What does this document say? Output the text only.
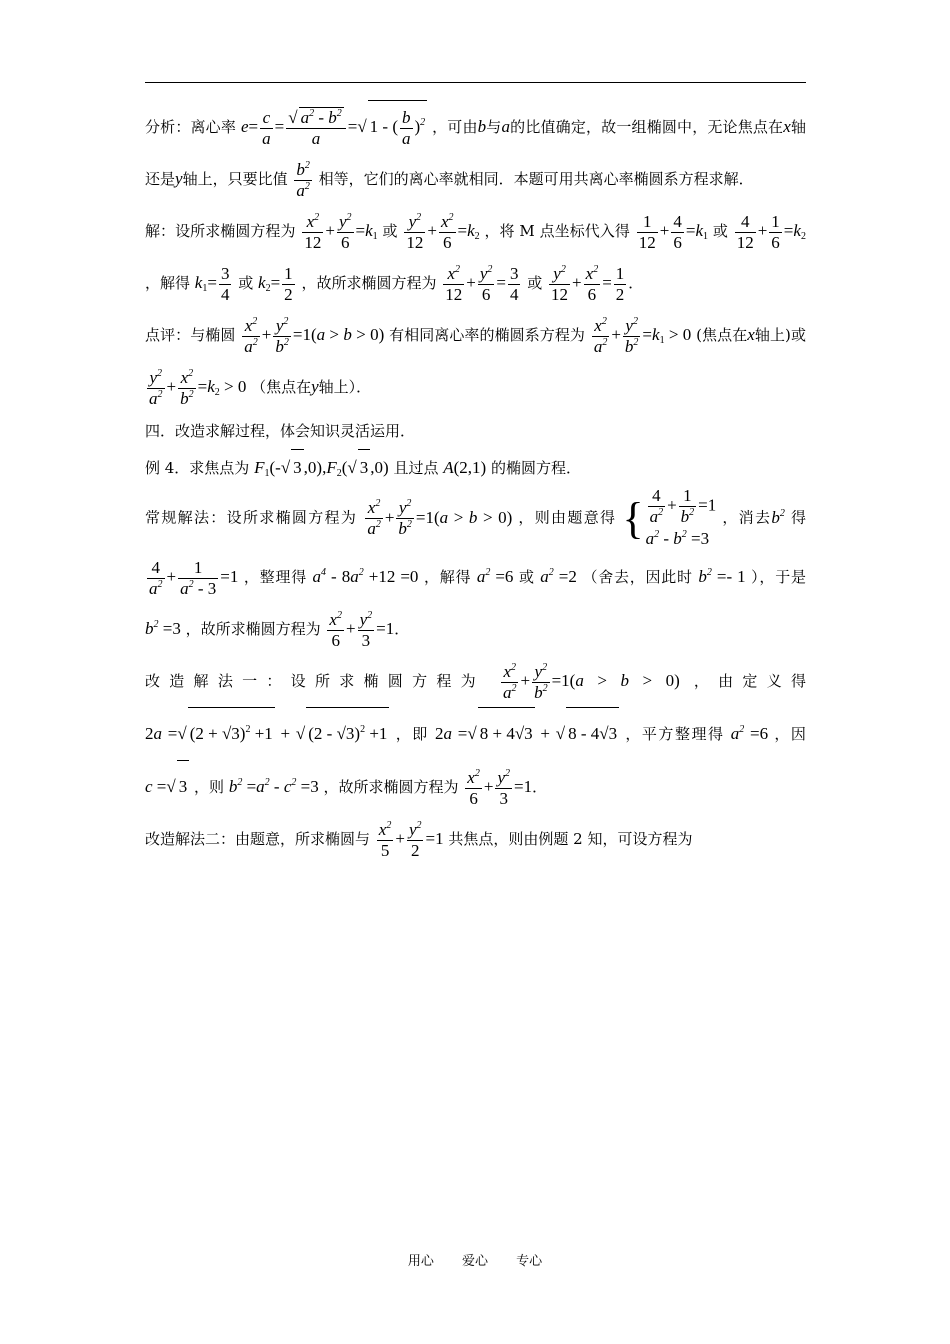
分析：离心率 $e= \frac{c}{a} = \frac{√ a^2 - b^2}{a}$ =√ 1 - ( $\frac{b}{a} )^2$ ，可由b与a的比值确定，故一组椭圆中，无论焦点在x轴还是y轴上，只要比值 $\frac{b^2}{a^2}$ 相等，它们的离心率就相同．本题可用共离心率椭圆系方程求解．

解：设所求椭圆方程为 $\frac{x^2}{12} + \frac{y^2}{6} =k_1$ 或 $\frac{y^2}{12} + \frac{x^2}{6} =k_2$ ，将 M 点坐标代入得 $\frac{1}{12} + \frac{4}{6} =k_1$ 或 $\frac{4}{12} + \frac{1}{6} =k_2$ ，解得 $k_1= \frac{3}{4}$ 或 $k_2= \frac{1}{2}$ ，故所求椭圆方程为 $\frac{x^2}{12} + \frac{y^2}{6} = \frac{3}{4}$ 或 $\frac{y^2}{12} + \frac{x^2}{6} = \frac{1}{2}$ ．

点评：与椭圆 $\frac{x^2}{a^2} + \frac{y^2}{b^2} =1(a > b > 0)$ 有相同离心率的椭圆系方程为 $\frac{x^2}{a^2} + \frac{y^2}{b^2} =k_1 > 0$ (焦点在x轴上)或
$\frac{y^2}{a^2} + \frac{x^2}{b^2} =k_2 > 0$ （焦点在y轴上）．

四．改造求解过程，体会知识灵活运用．

例 4．求焦点为 $F_1(-√$ 3 $,0),F_2(√$ 3 ,0) 且过点 A(2,1) 的椭圆方程．

常规解法：设所求椭圆方程为 $\frac{x^2}{a^2} + \frac{y^2}{b^2} =1(a > b > 0)$ ，则由题意得 { $\frac{4}{a^2} + \frac{1}{b^2} =1$
$a^2 - b^2 =3$
，消去$b^2$ 得
$\frac{4}{a^2} + \frac{1}{a^2 - 3} =1$ ，整理得 $a^4 - 8a^2 +12 =0$ ，解得 $a^2 =6$ 或 $a^2 =2$ （舍去，因此时 $b^2 =- 1$ ），于是 $b^2 =3$ ，故所求椭圆方程为 $\frac{x^2}{6} + \frac{y^2}{3} =1$．

改造解法一：设所求椭圆方程为 $\frac{x^2}{a^2} + \frac{y^2}{b^2} =1(a > b > 0)$ ，由定义得 2a =√ $(2 + √3)^2 +1$ + √ (2 - √3)$^2$ +1 ，即 2a =√ 8 + 4√3 + √ 8 - 4√3 ，平方整理得 $a^2 =6$ ，因 c =√ 3 ，则 $b^2 =a^2 - c^2 =3$ ，故所求椭圆方程为 $\frac{x^2}{6} + \frac{y^2}{3} =1$．

改造解法二：由题意，所求椭圆与 $\frac{x^2}{5} + \frac{y^2}{2} =1$ 共焦点，则由例题 2 知，可设方程为

用心 爱心 专心
